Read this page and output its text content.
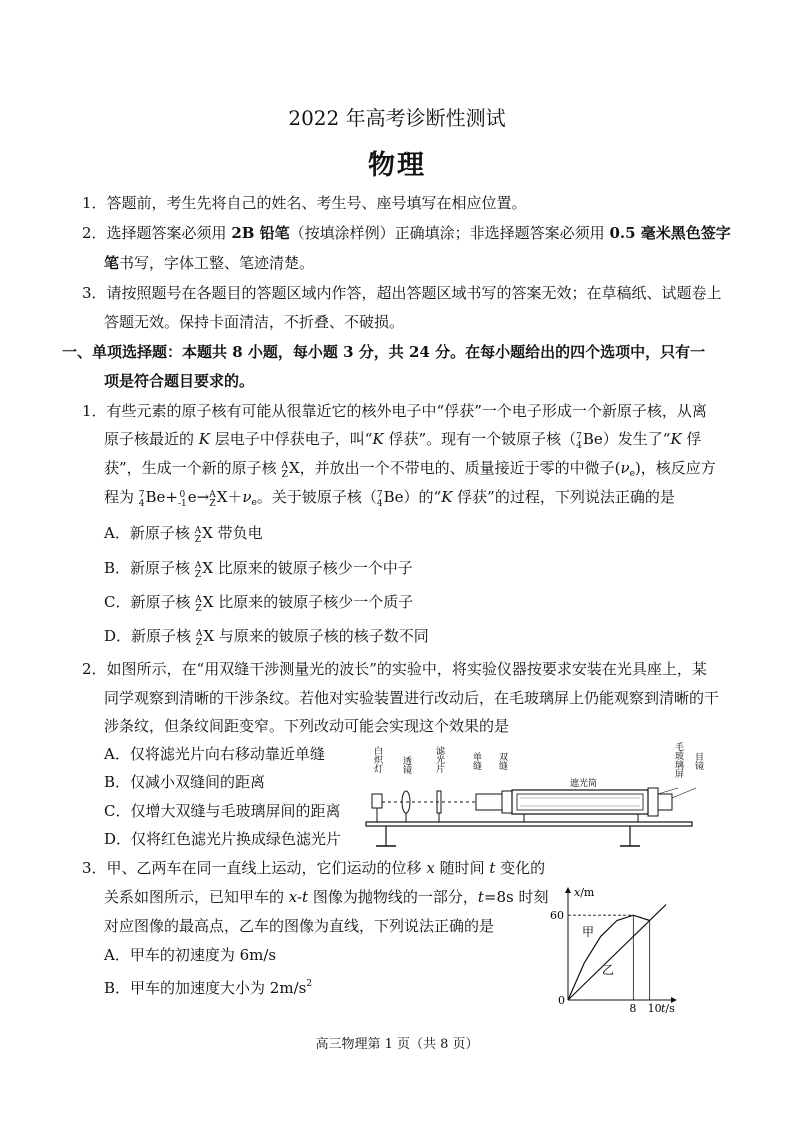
2022 年高考诊断性测试
物理
1．答题前，考生先将自己的姓名、考生号、座号填写在相应位置。
2．选择题答案必须用 2B 铅笔（按填涂样例）正确填涂；非选择题答案必须用 0.5 毫米黑色签字
笔书写，字体工整、笔迹清楚。
3．请按照题号在各题目的答题区域内作答，超出答题区域书写的答案无效；在草稿纸、试题卷上
答题无效。保持卡面清洁，不折叠、不破损。
一、单项选择题：本题共 8 小题，每小题 3 分，共 24 分。在每小题给出的四个选项中，只有一
项是符合题目要求的。
1．有些元素的原子核有可能从很靠近它的核外电子中“俘获”一个电子形成一个新原子核，从离
原子核最近的 K 层电子中俘获电子，叫“K 俘获”。现有一个铍原子核（ 7
4 Be）发生了“K 俘
获”，生成一个新的原子核 A
Z X，并放出一个不带电的、质量接近于零的中微子$(\nu_e)$，核反应方
程为 7
4 Be+ 0
-1 e→ A
Z $X+\nu_e$。关于铍原子核（ 7
4 Be）的“K 俘获”的过程，下列说法正确的是
A．新原子核 A
Z X 带负电
B．新原子核 A
Z X 比原来的铍原子核少一个中子
C．新原子核 A
Z X 比原来的铍原子核少一个质子
D．新原子核 A
Z X 与原来的铍原子核的核子数不同
2．如图所示，在“用双缝干涉测量光的波长”的实验中，将实验仪器按要求安装在光具座上，某
同学观察到清晰的干涉条纹。若他对实验装置进行改动后，在毛玻璃屏上仍能观察到清晰的干
涉条纹，但条纹间距变窄。下列改动可能会实现这个效果的是
A．仅将滤光片向右移动靠近单缝
B．仅减小双缝间的距离
C．仅增大双缝与毛玻璃屏间的距离
D．仅将红色滤光片换成绿色滤光片
白炽灯 透镜	滤光片	单缝 双缝
遮光筒
毛玻璃屏 目镜
3．甲、乙两车在同一直线上运动，它们运动的位移 x 随时间 t 变化的
关系如图所示，已知甲车的 x-t 图像为抛物线的一部分，t=8s 时刻
对应图像的最高点，乙车的图像为直线，下列说法正确的是
A．甲车的初速度为 6m/s
B．甲车的加速度大小为 $2m/s^2$
x/m
t/s
60
0
8 10
甲
乙
高三物理第 1 页（共 8 页）
